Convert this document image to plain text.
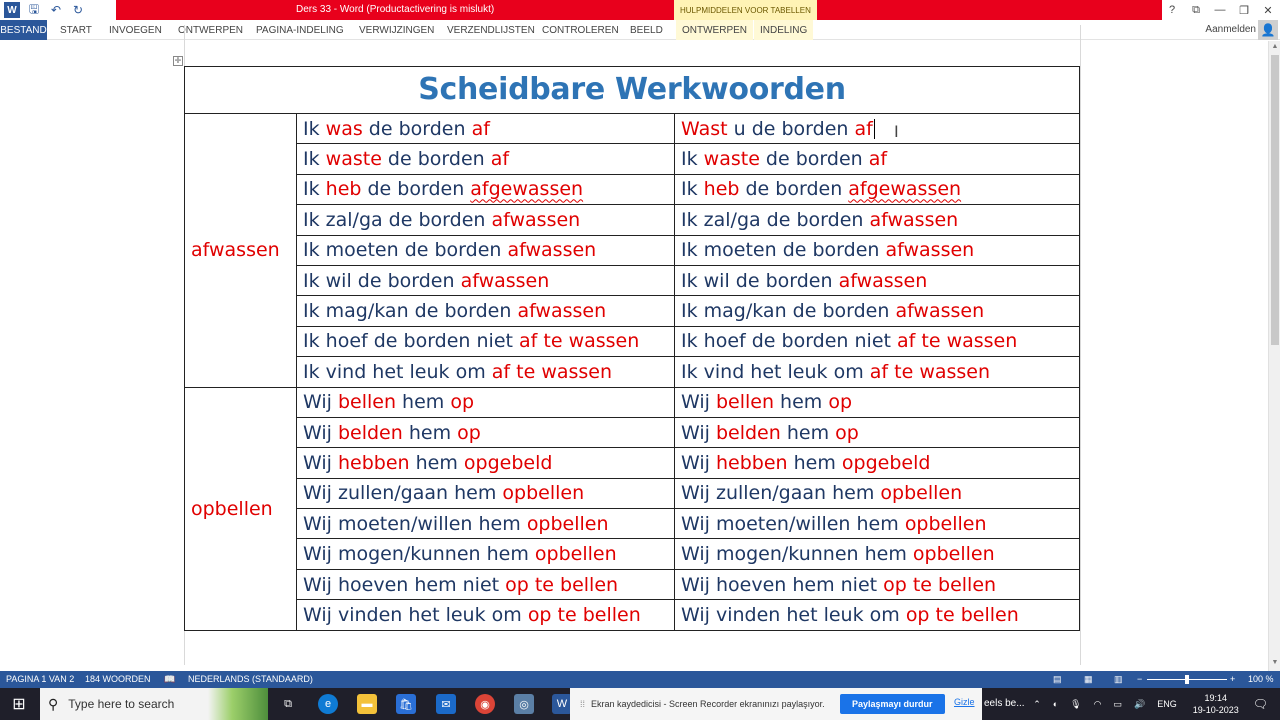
W 🖫 ↶ ↻	Ders 33 - Word (Productactivering is mislukt)	HULPMIDDELEN VOOR TABELLEN	?	⧉	—	❐	✕
BESTAND START INVOEGEN ONTWERPEN PAGINA-INDELING VERWIJZINGEN VERZENDLIJSTEN CONTROLEREN BEELD	ONTWERPEN	INDELING	Aanmelden 👤
✛
Scheidbare Werkwoorden		
afwassen	Ik was de borden af	Wast u de borden af
	Ik waste de borden af	Ik waste de borden af
	Ik heb de borden afgewassen	Ik heb de borden afgewassen
	Ik zal/ga de borden afwassen	Ik zal/ga de borden afwassen
	Ik moeten de borden afwassen	Ik moeten de borden afwassen
	Ik wil de borden afwassen	Ik wil de borden afwassen
	Ik mag/kan de borden afwassen	Ik mag/kan de borden afwassen
	Ik hoef de borden niet af te wassen	Ik hoef de borden niet af te wassen
	Ik vind het leuk om af te wassen	Ik vind het leuk om af te wassen
opbellen	Wij bellen hem op	Wij bellen hem op
	Wij belden hem op	Wij belden hem op
	Wij hebben hem opgebeld	Wij hebben hem opgebeld
	Wij zullen/gaan hem opbellen	Wij zullen/gaan hem opbellen
	Wij moeten/willen hem opbellen	Wij moeten/willen hem opbellen
	Wij mogen/kunnen hem opbellen	Wij mogen/kunnen hem opbellen
	Wij hoeven hem niet op te bellen	Wij hoeven hem niet op te bellen
	Wij vinden het leuk om op te bellen	Wij vinden het leuk om op te bellen
I
▲
▼
PAGINA 1 VAN 2 184 WOORDEN 📖 NEDERLANDS (STANDAARD)	▤ ▦ ▥ −	+ 100 %
⊞	⚲ Type here to search	⧉	e	▬	🛍	✉	◉	◎	W	⁞⁞ Ekran kaydedicisi - Screen Recorder ekranınızı paylaşıyor.	Paylaşmayı durdur	Gizle eels be... ⌃ ◐ 🎙 ◠ ▭ 🔊 ENG
19:14
19-10-2023 🗨
